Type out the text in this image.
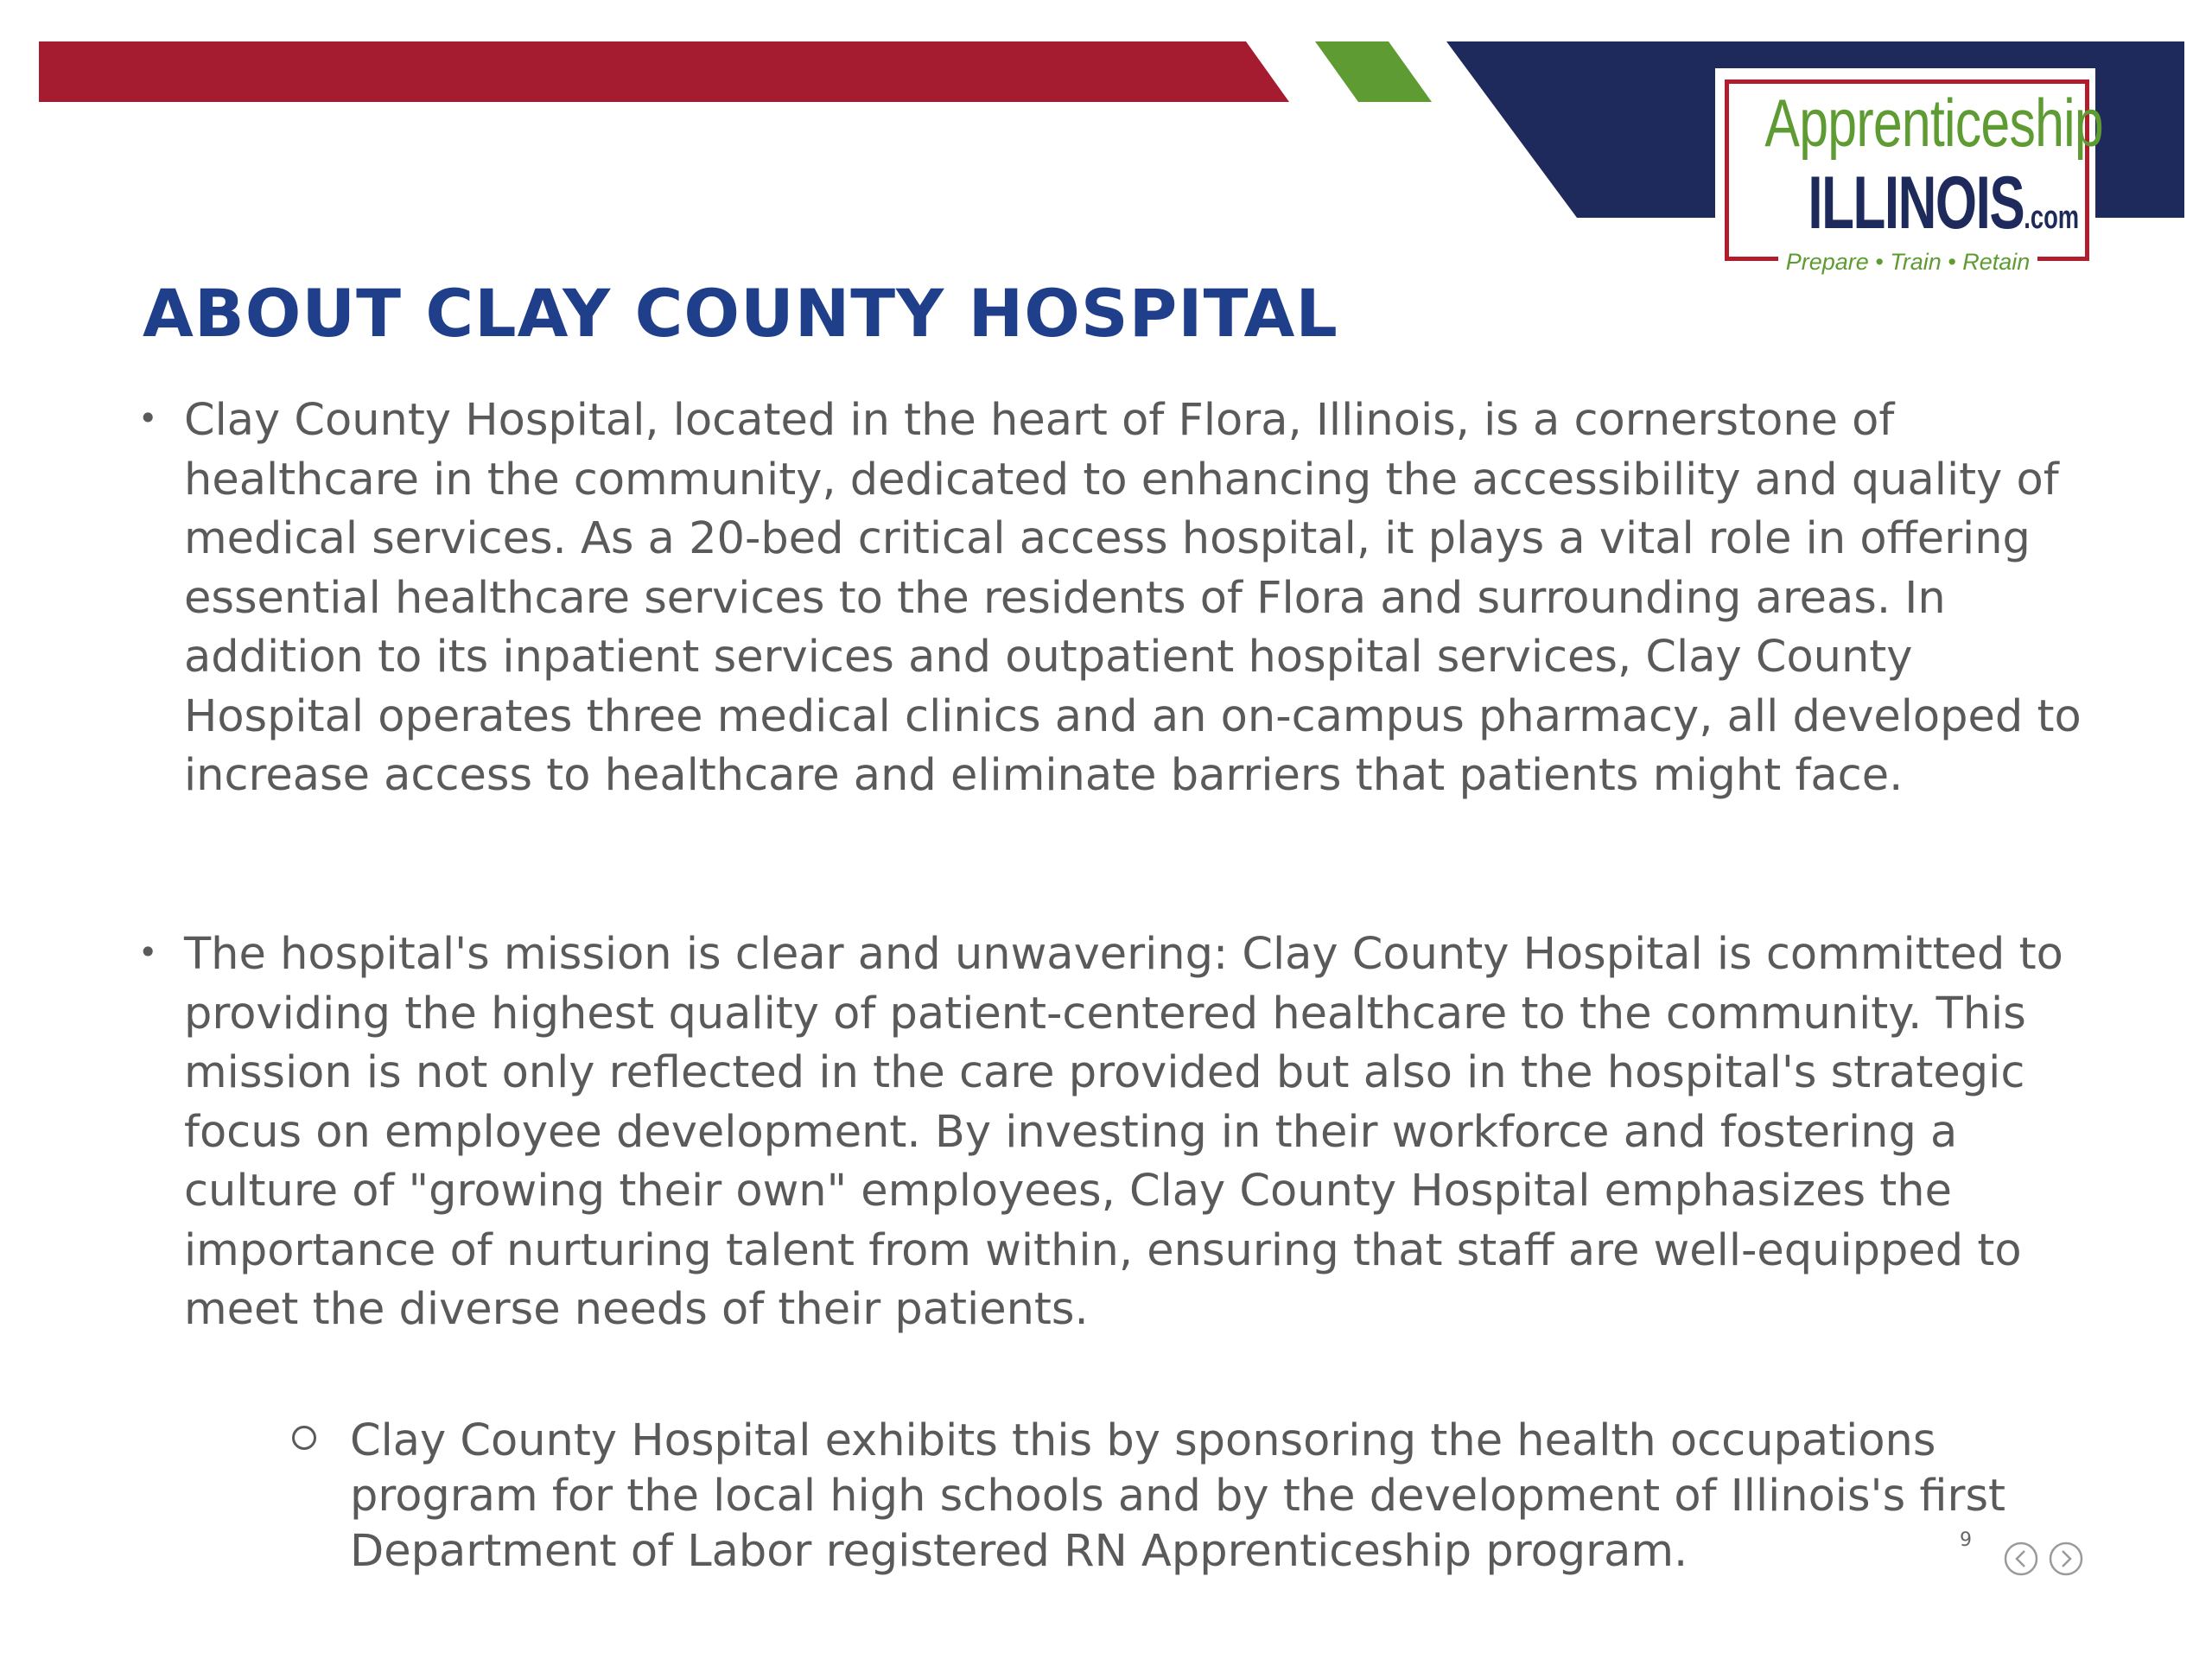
Apprenticeship
ILLINOIS.com
Prepare • Train • Retain
ABOUT CLAY COUNTY HOSPITAL
• Clay County Hospital, located in the heart of Flora, Illinois, is a cornerstone of healthcare in the community, dedicated to enhancing the accessibility and quality of medical services. As a 20-bed critical access hospital, it plays a vital role in offering essential healthcare services to the residents of Flora and surrounding areas. In addition to its inpatient services and outpatient hospital services, Clay County Hospital operates three medical clinics and an on-campus pharmacy, all developed to increase access to healthcare and eliminate barriers that patients might face.

• The hospital's mission is clear and unwavering: Clay County Hospital is committed to providing the highest quality of patient-centered healthcare to the community. This mission is not only reflected in the care provided but also in the hospital's strategic focus on employee development. By investing in their workforce and fostering a culture of "growing their own" employees, Clay County Hospital emphasizes the importance of nurturing talent from within, ensuring that staff are well-equipped to meet the diverse needs of their patients.

Clay County Hospital exhibits this by sponsoring the health occupations program for the local high schools and by the development of Illinois's first Department of Labor registered RN Apprenticeship program.	9
